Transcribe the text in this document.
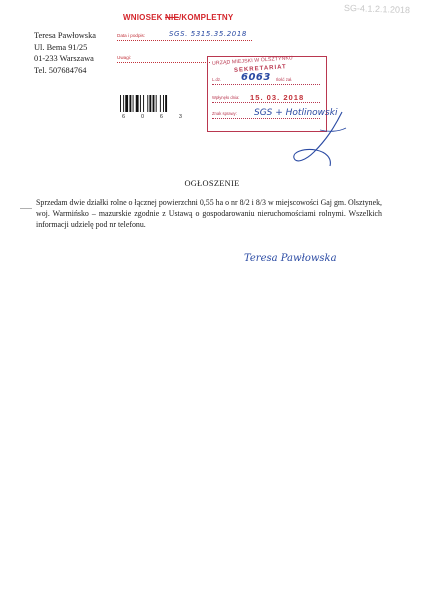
Teresa Pawłowska
Ul. Bema 91/25
01-233 Warszawa
Tel. 507684764
WNIOSEK NIE/KOMPLETNY
SG-4.1.2.1.2018
Data i podpis:	SGS. 5315.35.2018
Uwagi:	URZĄD MIEJSKI W OLSZTYNKU
SEKRETARIAT
L.dz.	Ilość zał.
6063
Wpłynęło dnia: 15. 03. 2018
Znak sprawy: SGS + Hotlinowski
6	0	6	3
OGŁOSZENIE
Sprzedam dwie działki rolne o łącznej powierzchni 0,55 ha o nr 8/2 i 8/3 w miejscowości Gaj gm. Olsztynek, woj. Warmińsko – mazurskie zgodnie z Ustawą o gospodarowaniu nieruchomościami rolnymi. Wszelkich informacji udzielę pod nr telefonu.
Teresa Pawłowska
